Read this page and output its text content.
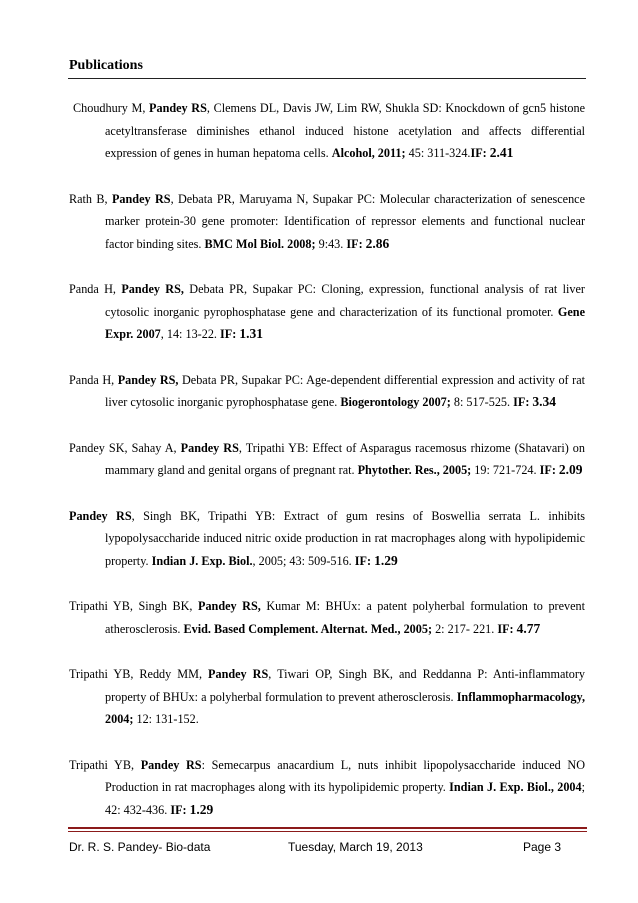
Publications

Choudhury M, Pandey RS, Clemens DL, Davis JW, Lim RW, Shukla SD: Knockdown of gcn5 histone acetyltransferase diminishes ethanol induced histone acetylation and affects differential expression of genes in human hepatoma cells. Alcohol, 2011; 45: 311-324.IF: 2.41

Rath B, Pandey RS, Debata PR, Maruyama N, Supakar PC: Molecular characterization of senescence marker protein-30 gene promoter: Identification of repressor elements and functional nuclear factor binding sites. BMC Mol Biol. 2008; 9:43. IF: 2.86

Panda H, Pandey RS, Debata PR, Supakar PC: Cloning, expression, functional analysis of rat liver cytosolic inorganic pyrophosphatase gene and characterization of its functional promoter. Gene Expr. 2007, 14: 13-22. IF: 1.31

Panda H, Pandey RS, Debata PR, Supakar PC: Age-dependent differential expression and activity of rat liver cytosolic inorganic pyrophosphatase gene. Biogerontology 2007; 8: 517-525. IF: 3.34

Pandey SK, Sahay A, Pandey RS, Tripathi YB: Effect of Asparagus racemosus rhizome (Shatavari) on mammary gland and genital organs of pregnant rat. Phytother. Res., 2005; 19: 721-724. IF: 2.09

Pandey RS, Singh BK, Tripathi YB: Extract of gum resins of Boswellia serrata L. inhibits lypopolysaccharide induced nitric oxide production in rat macrophages along with hypolipidemic property. Indian J. Exp. Biol., 2005; 43: 509-516. IF: 1.29

Tripathi YB, Singh BK, Pandey RS, Kumar M: BHUx: a patent polyherbal formulation to prevent atherosclerosis. Evid. Based Complement. Alternat. Med., 2005; 2: 217- 221. IF: 4.77

Tripathi YB, Reddy MM, Pandey RS, Tiwari OP, Singh BK, and Reddanna P: Anti-inflammatory property of BHUx: a polyherbal formulation to prevent atherosclerosis. Inflammopharmacology, 2004; 12: 131-152.

Tripathi YB, Pandey RS: Semecarpus anacardium L, nuts inhibit lipopolysaccharide induced NO Production in rat macrophages along with its hypolipidemic property. Indian J. Exp. Biol., 2004; 42: 432-436. IF: 1.29

Dr. R. S. Pandey- Bio-data	Tuesday, March 19, 2013	Page 3
